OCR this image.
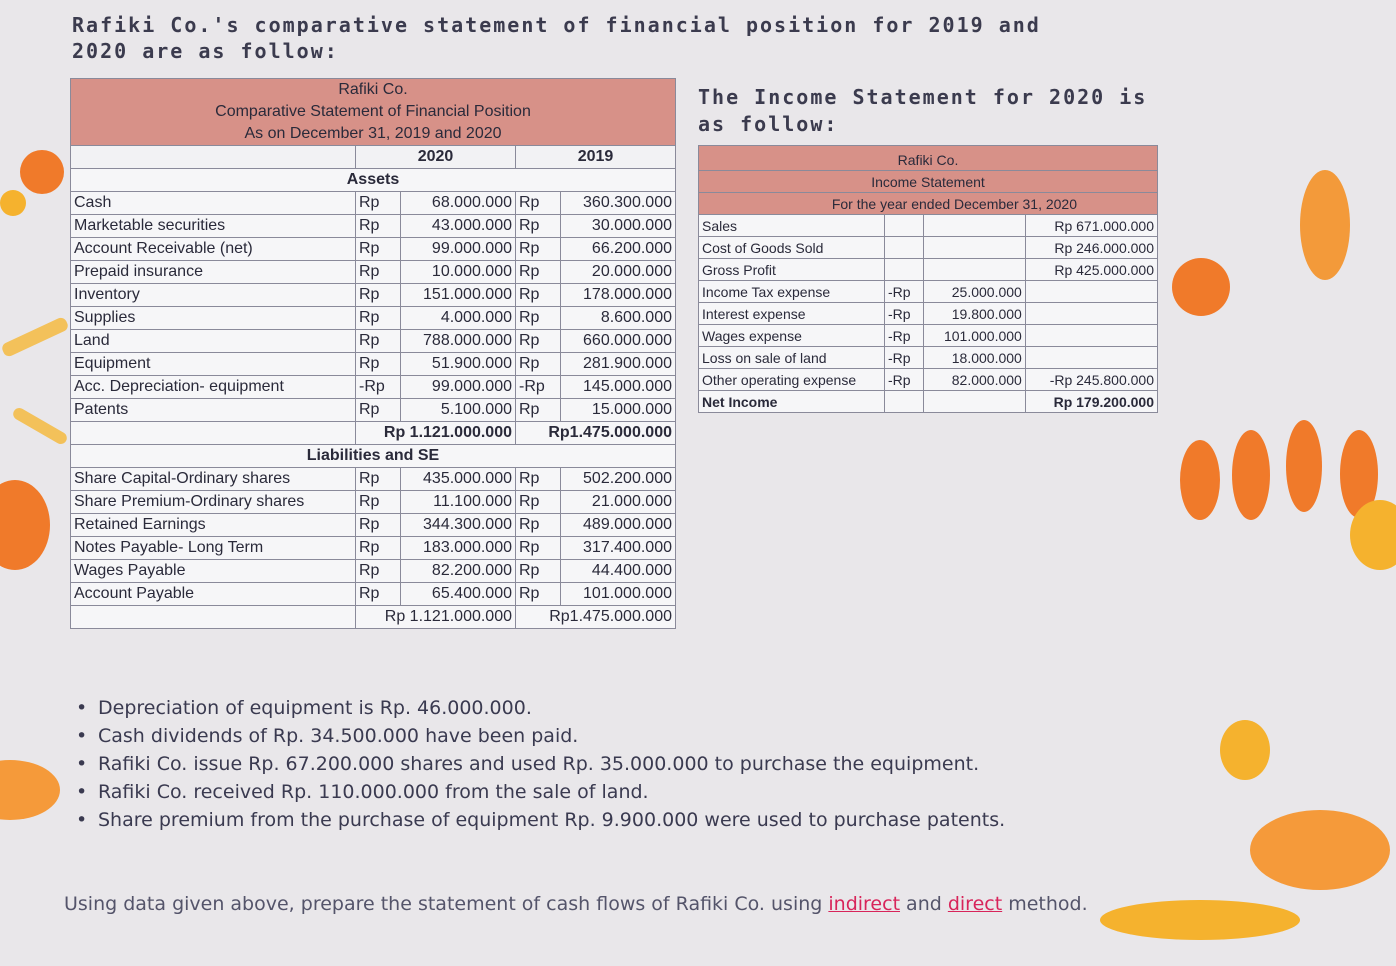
Rafiki Co.'s comparative statement of financial position for 2019 and 2020 are as follow:
Rafiki Co.				
Comparative Statement of Financial Position				
As on December 31, 2019 and 2020				
	2020		2019	
Assets				
Cash	Rp	68.000.000	Rp	360.300.000
Marketable securities	Rp	43.000.000	Rp	30.000.000
Account Receivable (net)	Rp	99.000.000	Rp	66.200.000
Prepaid insurance	Rp	10.000.000	Rp	20.000.000
Inventory	Rp	151.000.000	Rp	178.000.000
Supplies	Rp	4.000.000	Rp	8.600.000
Land	Rp	788.000.000	Rp	660.000.000
Equipment	Rp	51.900.000	Rp	281.900.000
Acc. Depreciation- equipment	-Rp	99.000.000	-Rp	145.000.000
Patents	Rp	5.100.000	Rp	15.000.000
	Rp 1.121.000.000		Rp1.475.000.000	
Liabilities and SE				
Share Capital-Ordinary shares	Rp	435.000.000	Rp	502.200.000
Share Premium-Ordinary shares	Rp	11.100.000	Rp	21.000.000
Retained Earnings	Rp	344.300.000	Rp	489.000.000
Notes Payable- Long Term	Rp	183.000.000	Rp	317.400.000
Wages Payable	Rp	82.200.000	Rp	44.400.000
Account Payable	Rp	65.400.000	Rp	101.000.000
	Rp 1.121.000.000		Rp1.475.000.000	
The Income Statement for 2020 is as follow:
Rafiki Co.			
Income Statement			
For the year ended December 31, 2020			
Sales			Rp 671.000.000
Cost of Goods Sold			Rp 246.000.000
Gross Profit			Rp 425.000.000
Income Tax expense	-Rp	25.000.000	
Interest expense	-Rp	19.800.000	
Wages expense	-Rp	101.000.000	
Loss on sale of land	-Rp	18.000.000	
Other operating expense	-Rp	82.000.000	-Rp 245.800.000
Net Income			Rp 179.200.000
• Depreciation of equipment is Rp. 46.000.000.
• Cash dividends of Rp. 34.500.000 have been paid.
• Rafiki Co. issue Rp. 67.200.000 shares and used Rp. 35.000.000 to purchase the equipment.
• Rafiki Co. received Rp. 110.000.000 from the sale of land.
• Share premium from the purchase of equipment Rp. 9.900.000 were used to purchase patents.
Using data given above, prepare the statement of cash flows of Rafiki Co. using indirect and direct method.
